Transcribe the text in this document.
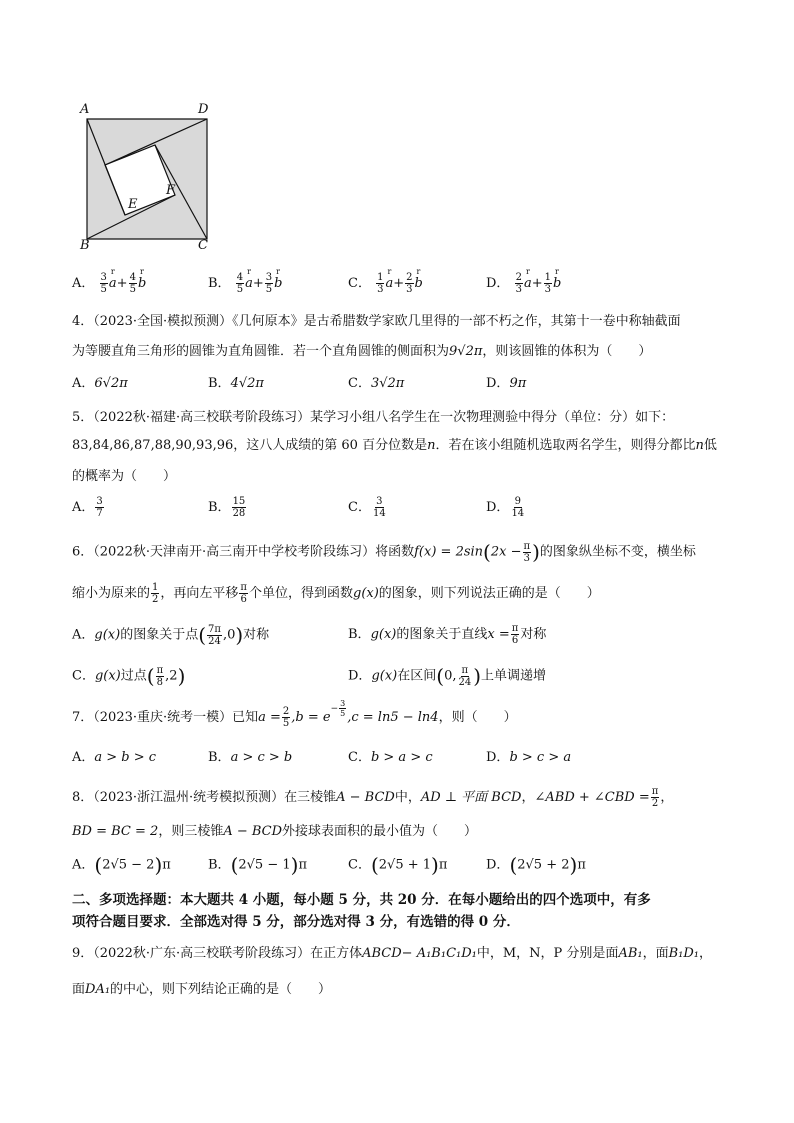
A	D
B	C
E
F
A． $\frac{3}{5}$
r
$a+ \frac{4}{5}$
r
b	B． $\frac{4}{5}$
r
$a+ \frac{3}{5}$
r
b	C． $\frac{1}{3}$
r
$a+ \frac{2}{3}$
r
b	D． $\frac{2}{3}$
r
$a+ \frac{1}{3}$
r
b
4．（2023·全国·模拟预测）《几何原本》是古希腊数学家欧几里得的一部不朽之作，其第十一卷中称轴截面
为等腰直角三角形的圆锥为直角圆锥．若一个直角圆锥的侧面积为9√2π，则该圆锥的体积为（　　）
A．6√2π	B．4√2π	C．3√2π	D．9π
5．（2022秋·福建·高三校联考阶段练习）某学习小组八名学生在一次物理测验中得分（单位：分）如下：
83,84,86,87,88,90,93,96，这八人成绩的第 60 百分位数是n．若在该小组随机选取两名学生，则得分都比n低
的概率为（　　）
A． $\frac{3}{7}$	B． $\frac{15}{28}$	C． $\frac{3}{14}$	D． $\frac{9}{14}$
6．（2022秋·天津南开·高三南开中学校考阶段练习）将函数$f(x) = 2\sin(2x - \frac{\pi}{3}$ )的图象纵坐标不变，横坐标
缩小为原来的 $\frac{1}{2}$ ，再向左平移 $\frac{\pi}{6}$ 个单位，得到函数g(x)的图象，则下列说法正确的是（　　）
A．g(x)的图象关于点( $\frac{7\pi}{24} ,0$)对称	B．g(x)的图象关于直线$x = \frac{\pi}{6}$ 对称
C．g(x)过点( $\frac{\pi}{8} ,2$)	D．g(x)在区间(0, $\frac{\pi}{24}$ )上单调递增
7．（2023·重庆·统考一模）已知$a = \frac{2}{5} ,b = e^{- \frac{3}{5}}$ ,c = ln5 − ln4，则（　　）
A．a > b > c	B．a > c > b	C．b > a > c	D．b > c > a
8．（2023·浙江温州·统考模拟预测）在三棱锥A − BCD中，AD ⊥ 平面 BCD，∠ABD + ∠CBD = $\frac{\pi}{2}$ ，
BD = BC = 2，则三棱锥A − BCD外接球表面积的最小值为（　　）
A．(2√5 − 2)π	B．(2√5 − 1)π	C．(2√5 + 1)π	D．(2√5 + 2)π
二、多项选择题：本大题共 4 小题，每小题 5 分，共 20 分．在每小题给出的四个选项中，有多
项符合题目要求．全部选对得 5 分，部分选对得 3 分，有选错的得 0 分．
9．（2022秋·广东·高三校联考阶段练习）在正方体ABCD− A₁B₁C₁D₁中，M，N，P 分别是面AB₁，面B₁D₁，
面DA₁的中心，则下列结论正确的是（　　）
